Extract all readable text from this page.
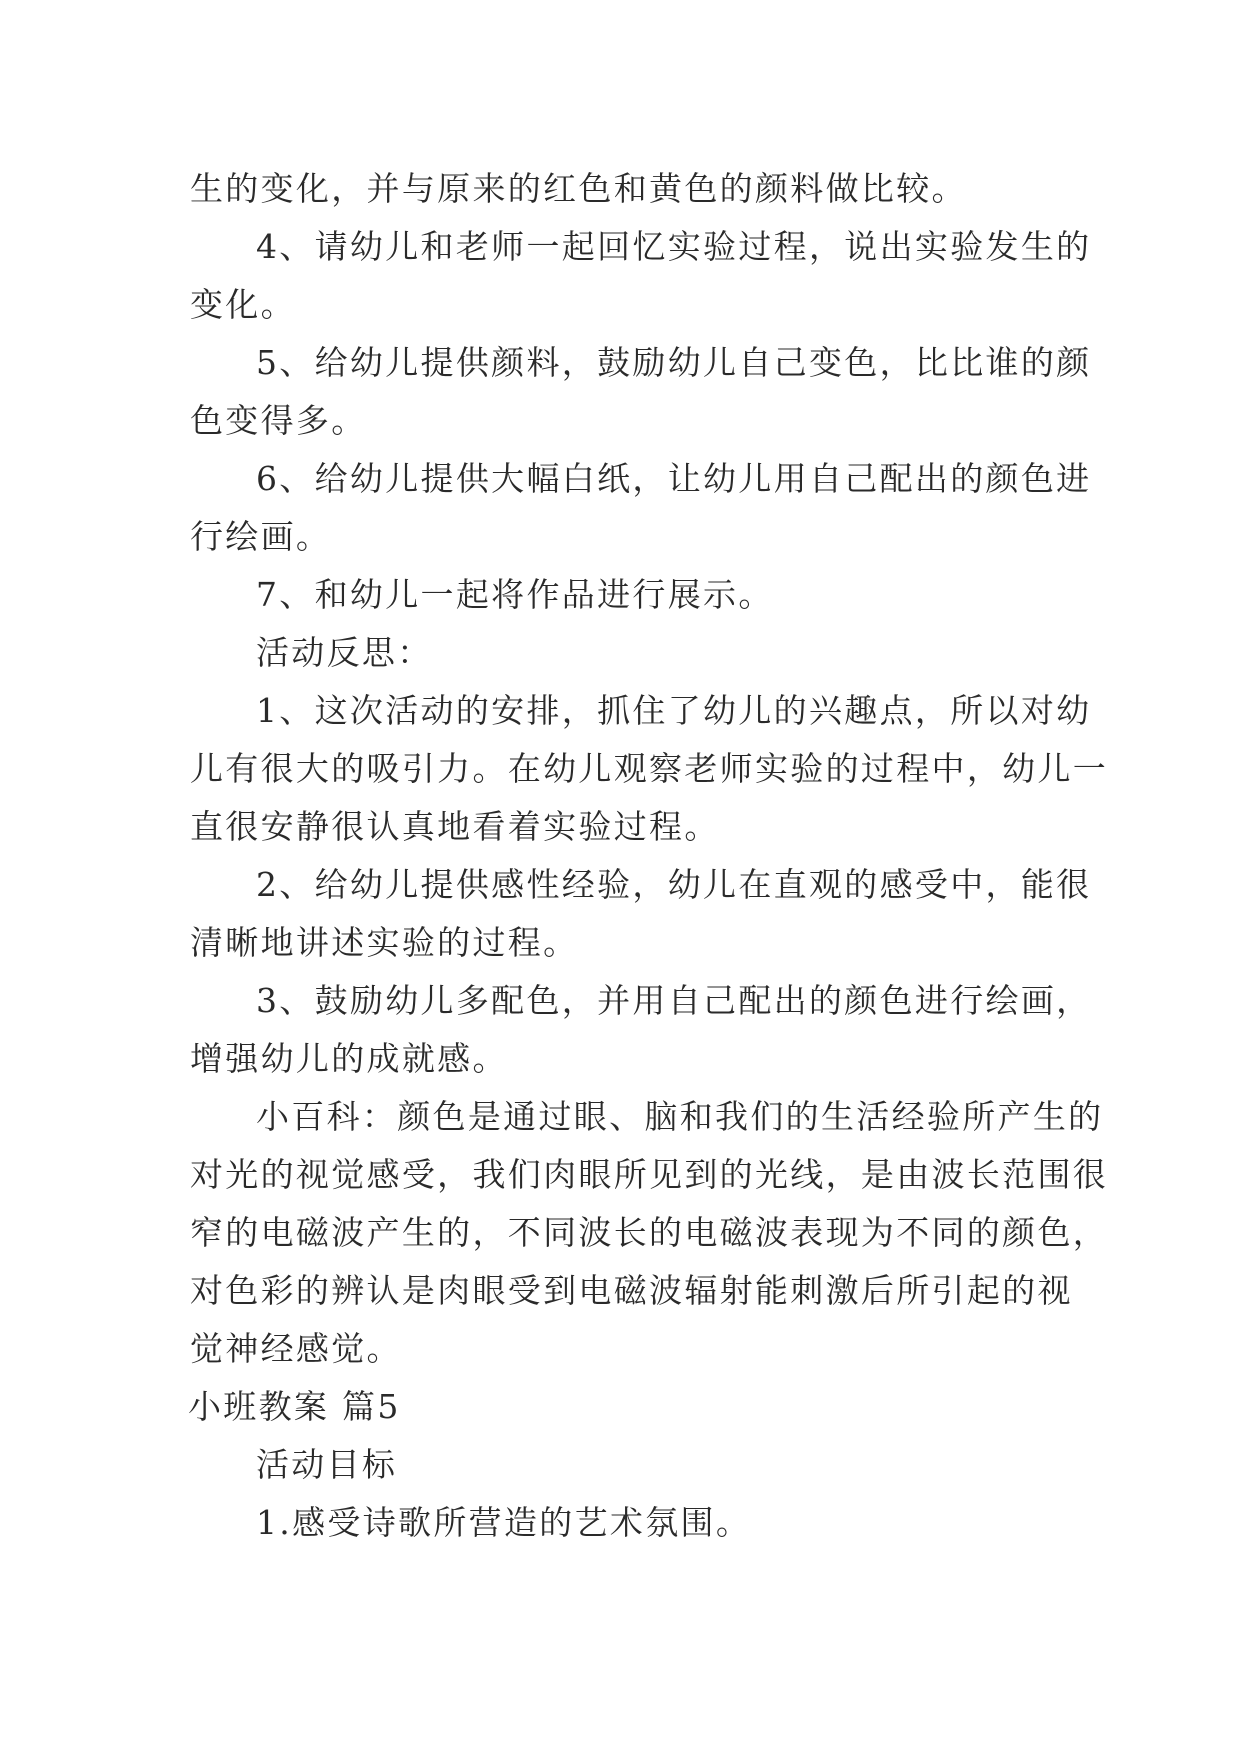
生的变化，并与原来的红色和黄色的颜料做比较。
4、请幼儿和老师一起回忆实验过程，说出实验发生的
变化。
5、给幼儿提供颜料，鼓励幼儿自己变色，比比谁的颜
色变得多。
6、给幼儿提供大幅白纸，让幼儿用自己配出的颜色进
行绘画。
7、和幼儿一起将作品进行展示。
活动反思：
1、这次活动的安排，抓住了幼儿的兴趣点，所以对幼
儿有很大的吸引力。在幼儿观察老师实验的过程中，幼儿一
直很安静很认真地看着实验过程。
2、给幼儿提供感性经验，幼儿在直观的感受中，能很
清晰地讲述实验的过程。
3、鼓励幼儿多配色，并用自己配出的颜色进行绘画，
增强幼儿的成就感。
小百科：颜色是通过眼、脑和我们的生活经验所产生的
对光的视觉感受，我们肉眼所见到的光线，是由波长范围很
窄的电磁波产生的，不同波长的电磁波表现为不同的颜色，
对色彩的辨认是肉眼受到电磁波辐射能刺激后所引起的视
觉神经感觉。
小班教案 篇5
活动目标
1.感受诗歌所营造的艺术氛围。
